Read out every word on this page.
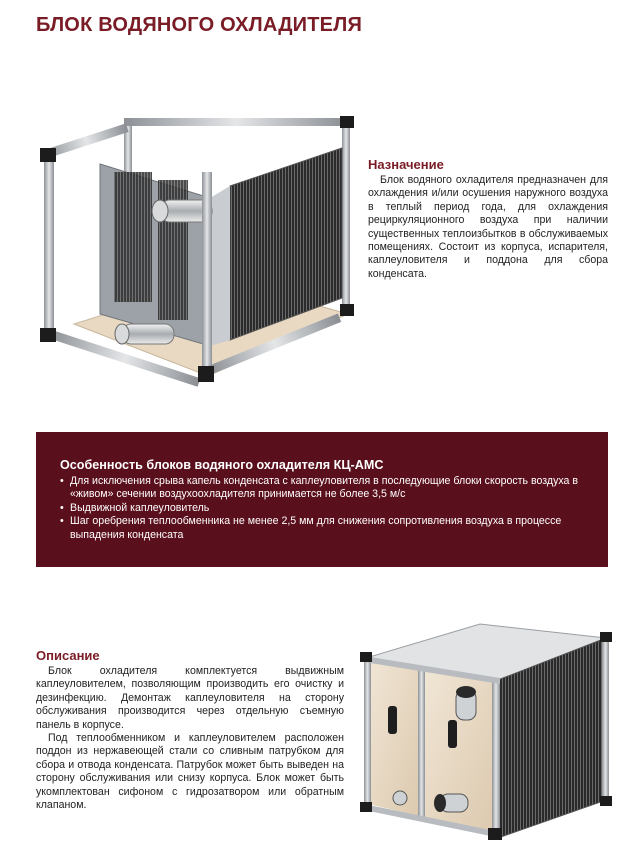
БЛОК ВОДЯНОГО ОХЛАДИТЕЛЯ
Назначение

Блок водяного охладителя предназначен для охлаждения и/или осушения наружного воздуха в теплый период года, для охлаждения рециркуляционного воздуха при наличии существенных теплоизбытков в обслуживаемых помещениях. Состоит из корпуса, испарителя, каплеуловителя и поддона для сбора конденсата.

Особенность блоков водяного охладителя КЦ-АМС
• Для исключения срыва капель конденсата с каплеуловителя в последующие блоки скорость воздуха в «живом» сечении воздухоохладителя принимается не более 3,5 м/с
• Выдвижной каплеуловитель
• Шаг оребрения теплообменника не менее 2,5 мм для снижения сопротивления воздуха в процессе выпадения конденсата
Описание

Блок охладителя комплектуется выдвижным каплеуловителем, позволяющим производить его очистку и дезинфекцию. Демонтаж каплеуловителя на сторону обслуживания производится через отдельную съемную панель в корпусе.

Под теплообменником и каплеуловителем расположен поддон из нержавеющей стали со сливным патрубком для сбора и отвода конденсата. Патрубок может быть выведен на сторону обслуживания или снизу корпуса. Блок может быть укомплектован сифоном с гидрозатвором или обратным клапаном.
